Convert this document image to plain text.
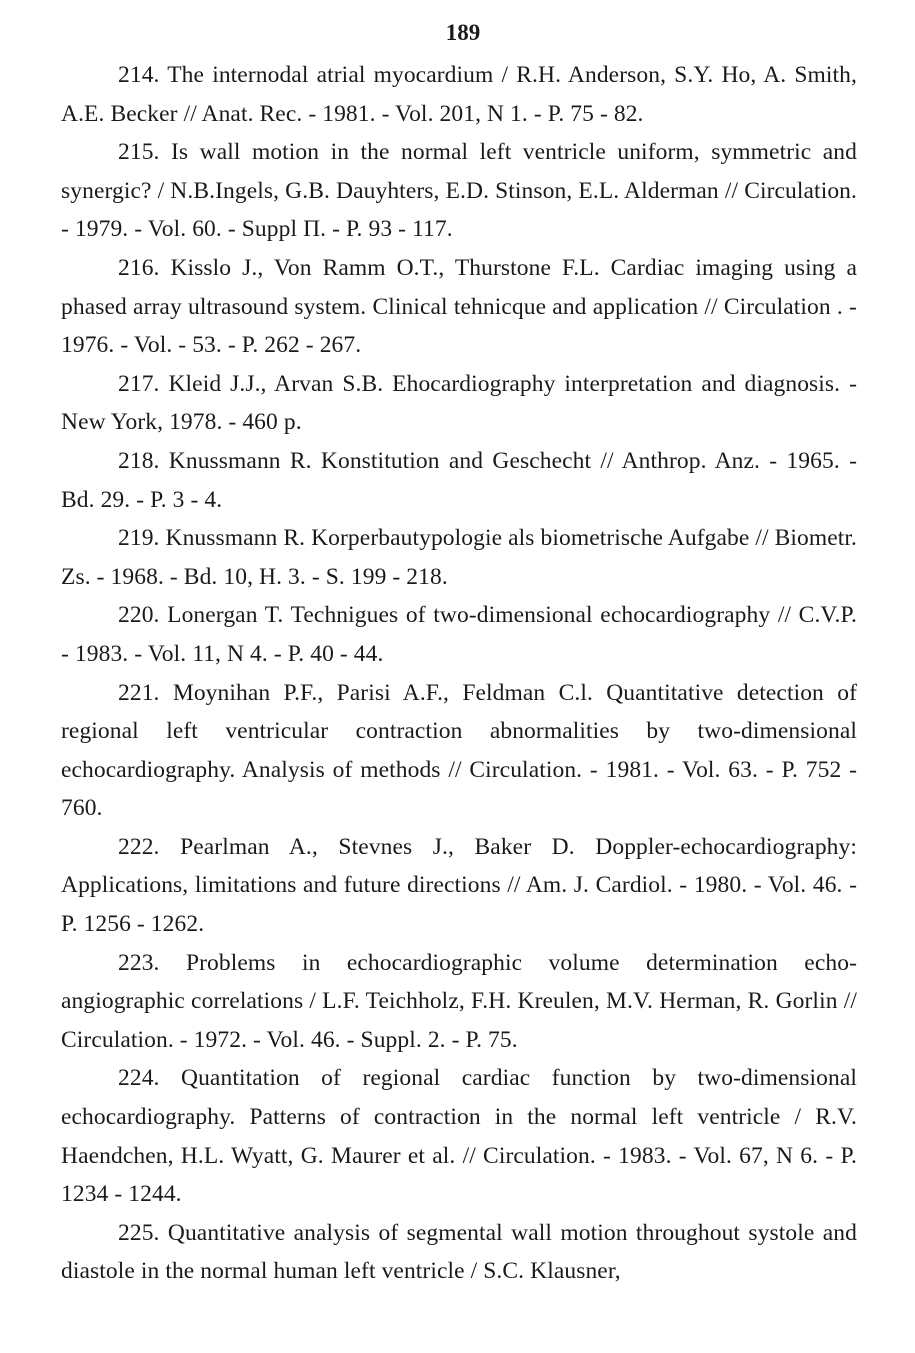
189
214. The internodal atrial myocardium / R.H. Anderson, S.Y. Ho, A. Smith, A.E. Becker // Anat. Rec. - 1981. - Vol. 201, N 1. - P. 75 - 82.
215. Is wall motion in the normal left ventricle uniform, symmetric and synergic? / N.B.Ingels, G.B. Dauyhters, E.D. Stinson, E.L. Alderman // Circulation. - 1979. - Vol. 60. - Suppl П. - P. 93 - 117.
216. Kisslo J., Von Ramm O.T., Thurstone F.L. Cardiac imaging using a phased array ultrasound system. Clinical tehnicque and application // Circulation . - 1976. - Vol. - 53. - P. 262 - 267.
217. Kleid J.J., Arvan S.B. Ehocardiography interpretation and diagnosis. - New York, 1978. - 460 p.
218. Knussmann R. Konstitution and Geschecht // Anthrop. Anz. - 1965. - Bd. 29. - P. 3 - 4.
219. Knussmann R. Korperbautypologie als biometrische Aufgabe // Biometr. Zs. - 1968. - Bd. 10, H. 3. - S. 199 - 218.
220. Lonergan T. Technigues of two-dimensional echocardiography // C.V.P. - 1983. - Vol. 11, N 4. - P. 40 - 44.
221. Moynihan P.F., Parisi A.F., Feldman C.l. Quantitative detection of regional left ventricular contraction abnormalities by two-dimensional echocardiography. Analysis of methods // Circulation. - 1981. - Vol. 63. - P. 752 - 760.
222. Pearlman A., Stevnes J., Baker D. Doppler-echocardiography: Applications, limitations and future directions // Am. J. Cardiol. - 1980. - Vol. 46. - P. 1256 - 1262.
223. Problems in echocardiographic volume determination echo-angiographic correlations / L.F. Teichholz, F.H. Kreulen, M.V. Herman, R. Gorlin // Circulation. - 1972. - Vol. 46. - Suppl. 2. - P. 75.
224. Quantitation of regional cardiac function by two-dimensional echocardiography. Patterns of contraction in the normal left ventricle / R.V. Haendchen, H.L. Wyatt, G. Maurer et al. // Circulation. - 1983. - Vol. 67, N 6. - P. 1234 - 1244.
225. Quantitative analysis of segmental wall motion throughout systole and diastole in the normal human left ventricle / S.C. Klausner,
